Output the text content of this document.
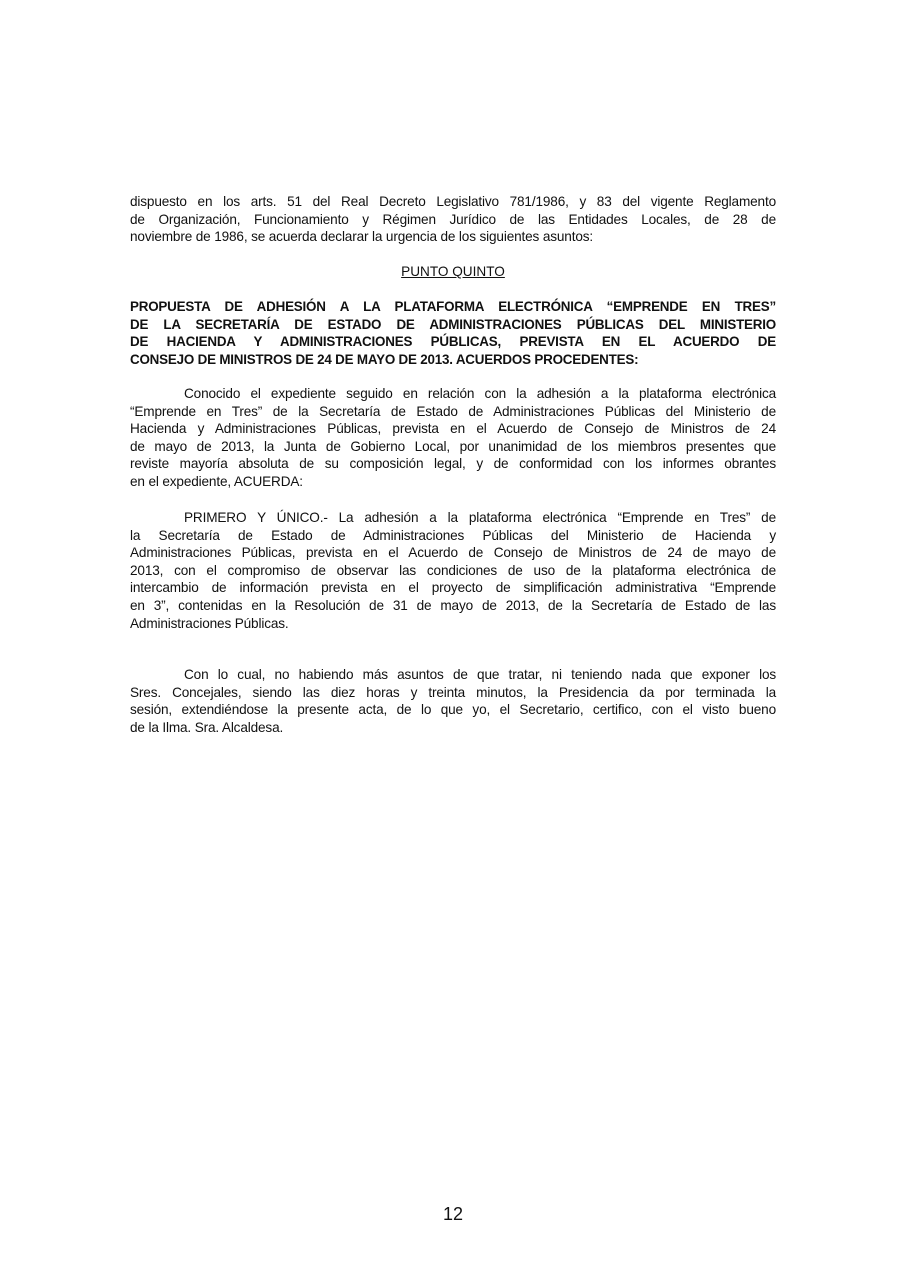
dispuesto en los arts. 51 del Real Decreto Legislativo 781/1986, y 83 del vigente Reglamento
de Organización, Funcionamiento y Régimen Jurídico de las Entidades Locales, de 28 de
noviembre de 1986, se acuerda declarar la urgencia de los siguientes asuntos:
PUNTO QUINTO
PROPUESTA DE ADHESIÓN A LA PLATAFORMA ELECTRÓNICA “EMPRENDE EN TRES”
DE LA SECRETARÍA DE ESTADO DE ADMINISTRACIONES PÚBLICAS DEL MINISTERIO
DE HACIENDA Y ADMINISTRACIONES PÚBLICAS, PREVISTA EN EL ACUERDO DE
CONSEJO DE MINISTROS DE 24 DE MAYO DE 2013. ACUERDOS PROCEDENTES:
Conocido el expediente seguido en relación con la adhesión a la plataforma electrónica
“Emprende en Tres” de la Secretaría de Estado de Administraciones Públicas del Ministerio de
Hacienda y Administraciones Públicas, prevista en el Acuerdo de Consejo de Ministros de 24
de mayo de 2013, la Junta de Gobierno Local, por unanimidad de los miembros presentes que
reviste mayoría absoluta de su composición legal, y de conformidad con los informes obrantes
en el expediente, ACUERDA:
PRIMERO Y ÚNICO.- La adhesión a la plataforma electrónica “Emprende en Tres” de
la Secretaría de Estado de Administraciones Públicas del Ministerio de Hacienda y
Administraciones Públicas, prevista en el Acuerdo de Consejo de Ministros de 24 de mayo de
2013, con el compromiso de observar las condiciones de uso de la plataforma electrónica de
intercambio de información prevista en el proyecto de simplificación administrativa “Emprende
en 3”, contenidas en la Resolución de 31 de mayo de 2013, de la Secretaría de Estado de las
Administraciones Públicas.
Con lo cual, no habiendo más asuntos de que tratar, ni teniendo nada que exponer los
Sres. Concejales, siendo las diez horas y treinta minutos, la Presidencia da por terminada la
sesión, extendiéndose la presente acta, de lo que yo, el Secretario, certifico, con el visto bueno
de la Ilma. Sra. Alcaldesa.
12
